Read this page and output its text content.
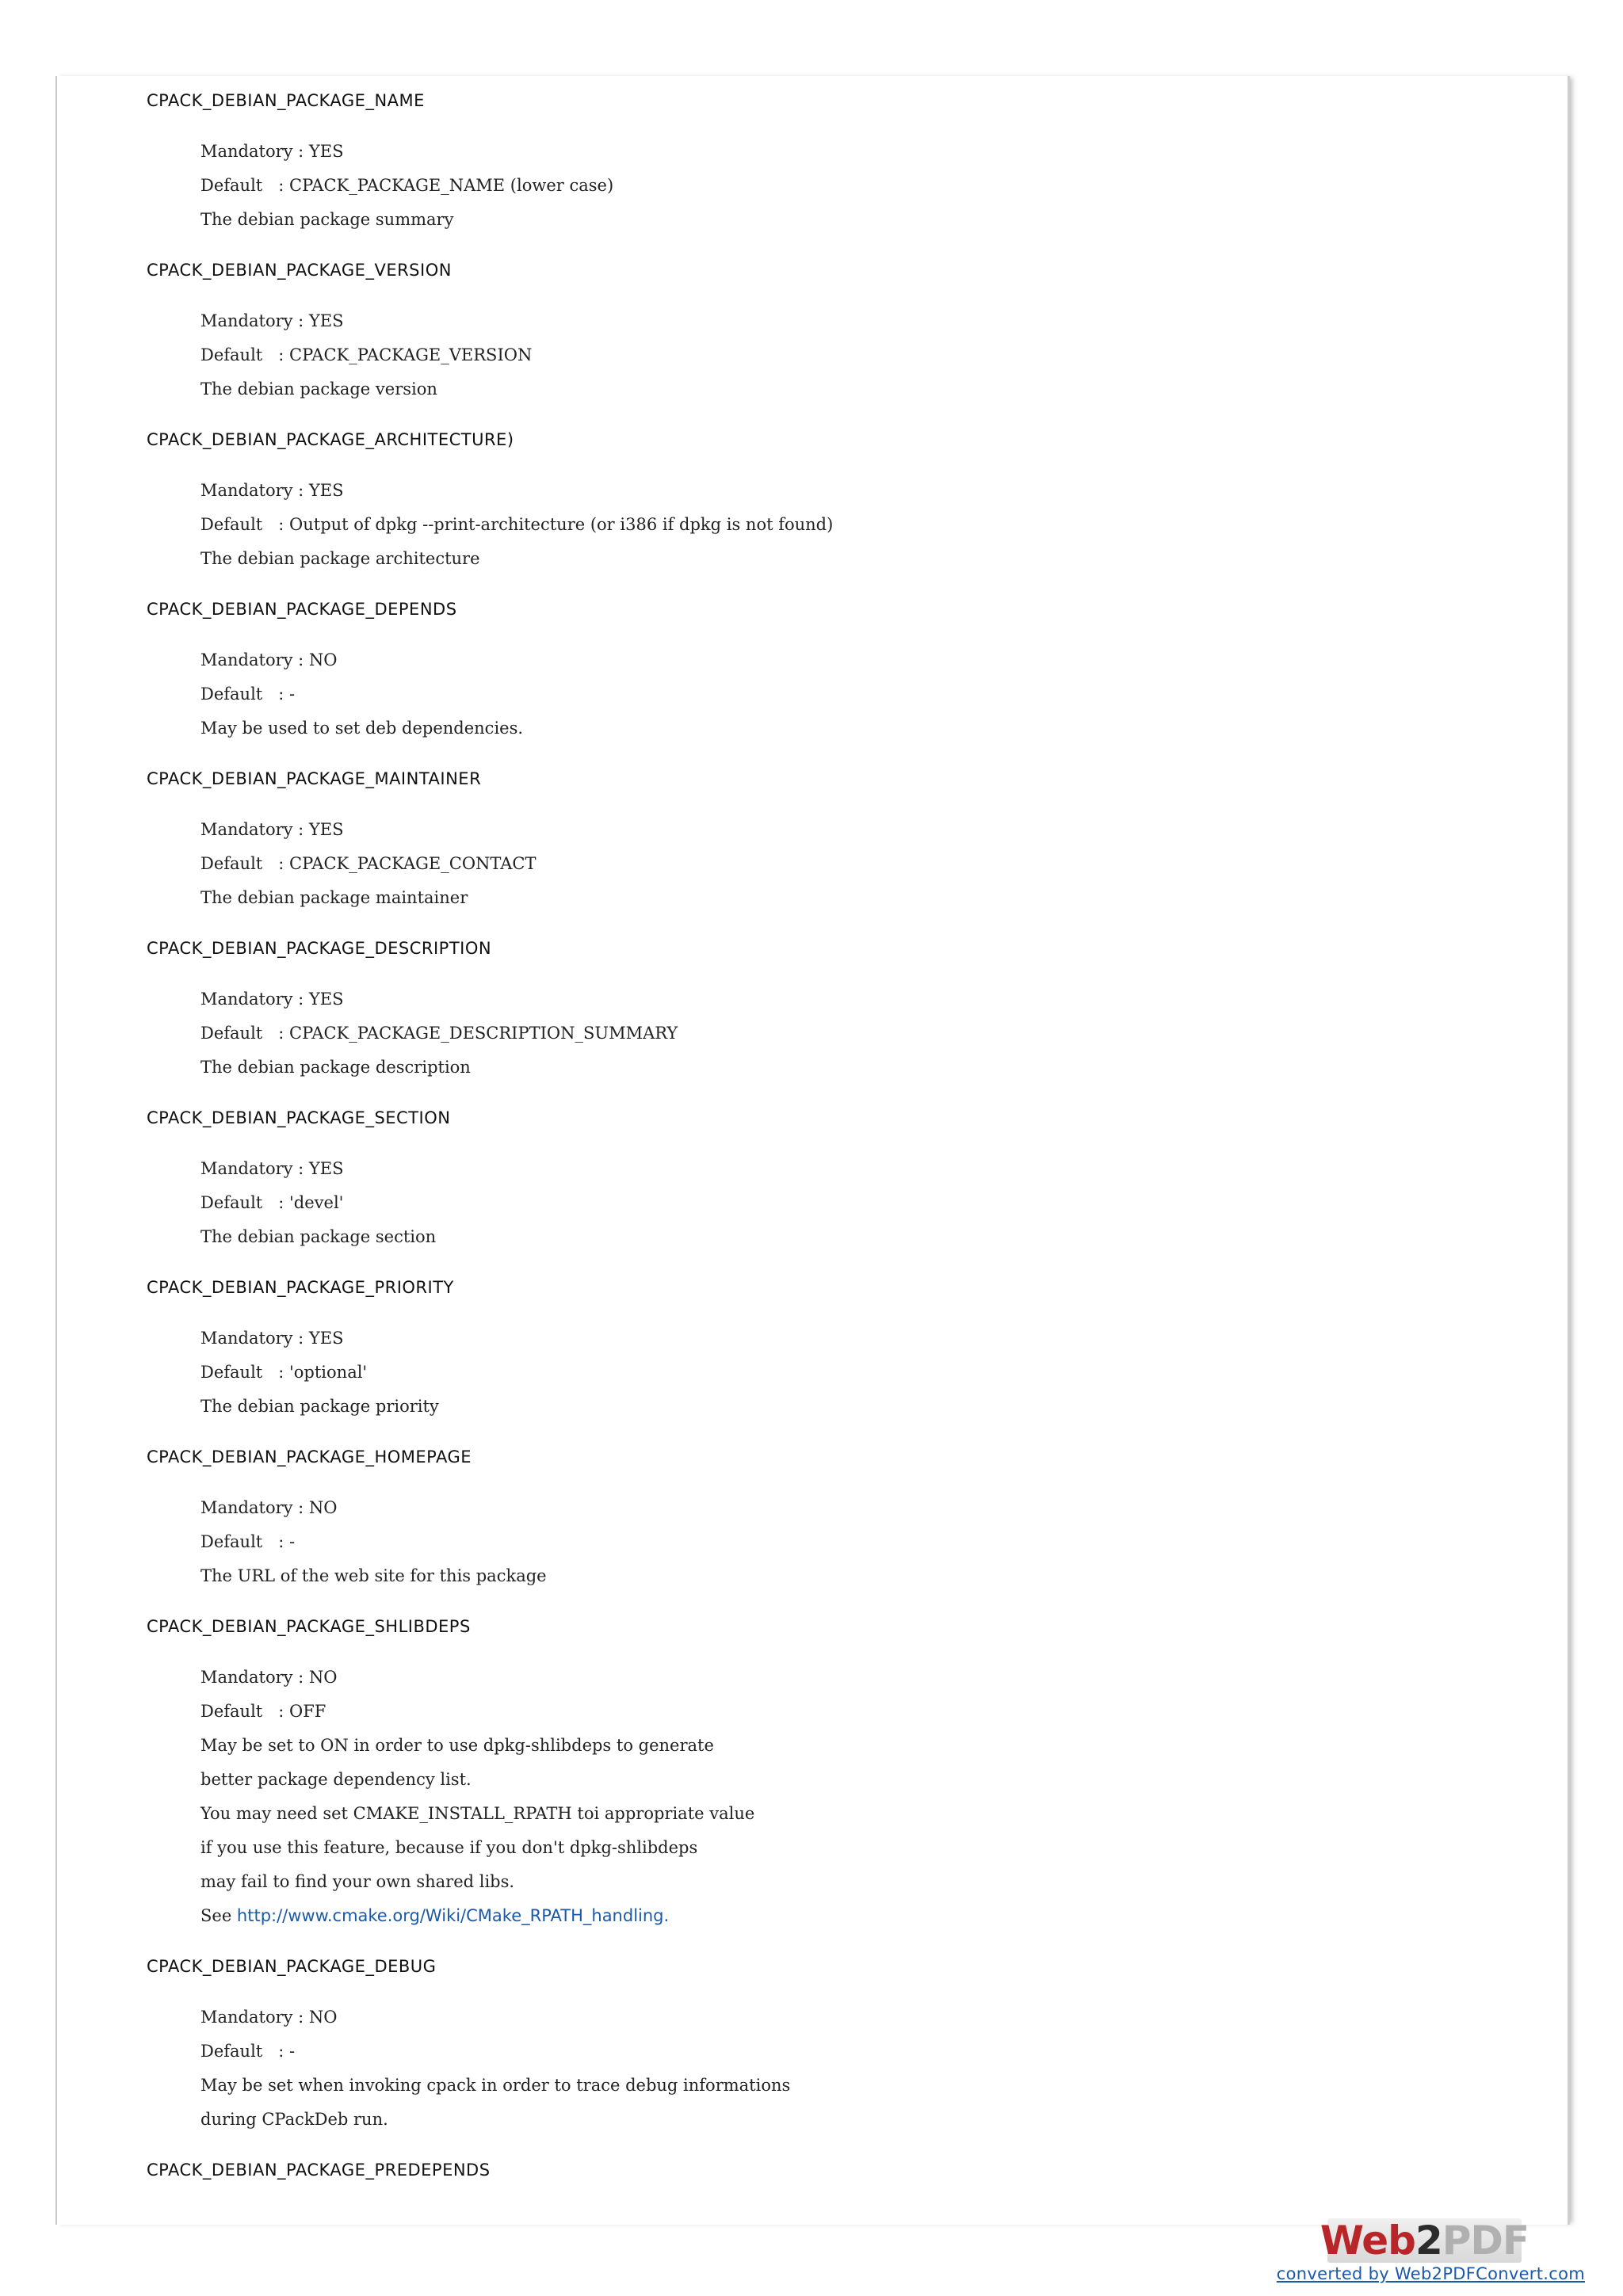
CPACK_DEBIAN_PACKAGE_NAME
Mandatory : YES
Default   : CPACK_PACKAGE_NAME (lower case)
The debian package summary
CPACK_DEBIAN_PACKAGE_VERSION
Mandatory : YES
Default   : CPACK_PACKAGE_VERSION
The debian package version
CPACK_DEBIAN_PACKAGE_ARCHITECTURE)
Mandatory : YES
Default   : Output of dpkg --print-architecture (or i386 if dpkg is not found)
The debian package architecture
CPACK_DEBIAN_PACKAGE_DEPENDS
Mandatory : NO
Default   : -
May be used to set deb dependencies.
CPACK_DEBIAN_PACKAGE_MAINTAINER
Mandatory : YES
Default   : CPACK_PACKAGE_CONTACT
The debian package maintainer
CPACK_DEBIAN_PACKAGE_DESCRIPTION
Mandatory : YES
Default   : CPACK_PACKAGE_DESCRIPTION_SUMMARY
The debian package description
CPACK_DEBIAN_PACKAGE_SECTION
Mandatory : YES
Default   : 'devel'
The debian package section
CPACK_DEBIAN_PACKAGE_PRIORITY
Mandatory : YES
Default   : 'optional'
The debian package priority
CPACK_DEBIAN_PACKAGE_HOMEPAGE
Mandatory : NO
Default   : -
The URL of the web site for this package
CPACK_DEBIAN_PACKAGE_SHLIBDEPS
Mandatory : NO
Default   : OFF
May be set to ON in order to use dpkg-shlibdeps to generate
better package dependency list.
You may need set CMAKE_INSTALL_RPATH toi appropriate value
if you use this feature, because if you don't dpkg-shlibdeps
may fail to find your own shared libs.
See http://www.cmake.org/Wiki/CMake_RPATH_handling.
CPACK_DEBIAN_PACKAGE_DEBUG
Mandatory : NO
Default   : -
May be set when invoking cpack in order to trace debug informations
during CPackDeb run.
CPACK_DEBIAN_PACKAGE_PREDEPENDS
Web2PDF
converted by Web2PDFConvert.com
